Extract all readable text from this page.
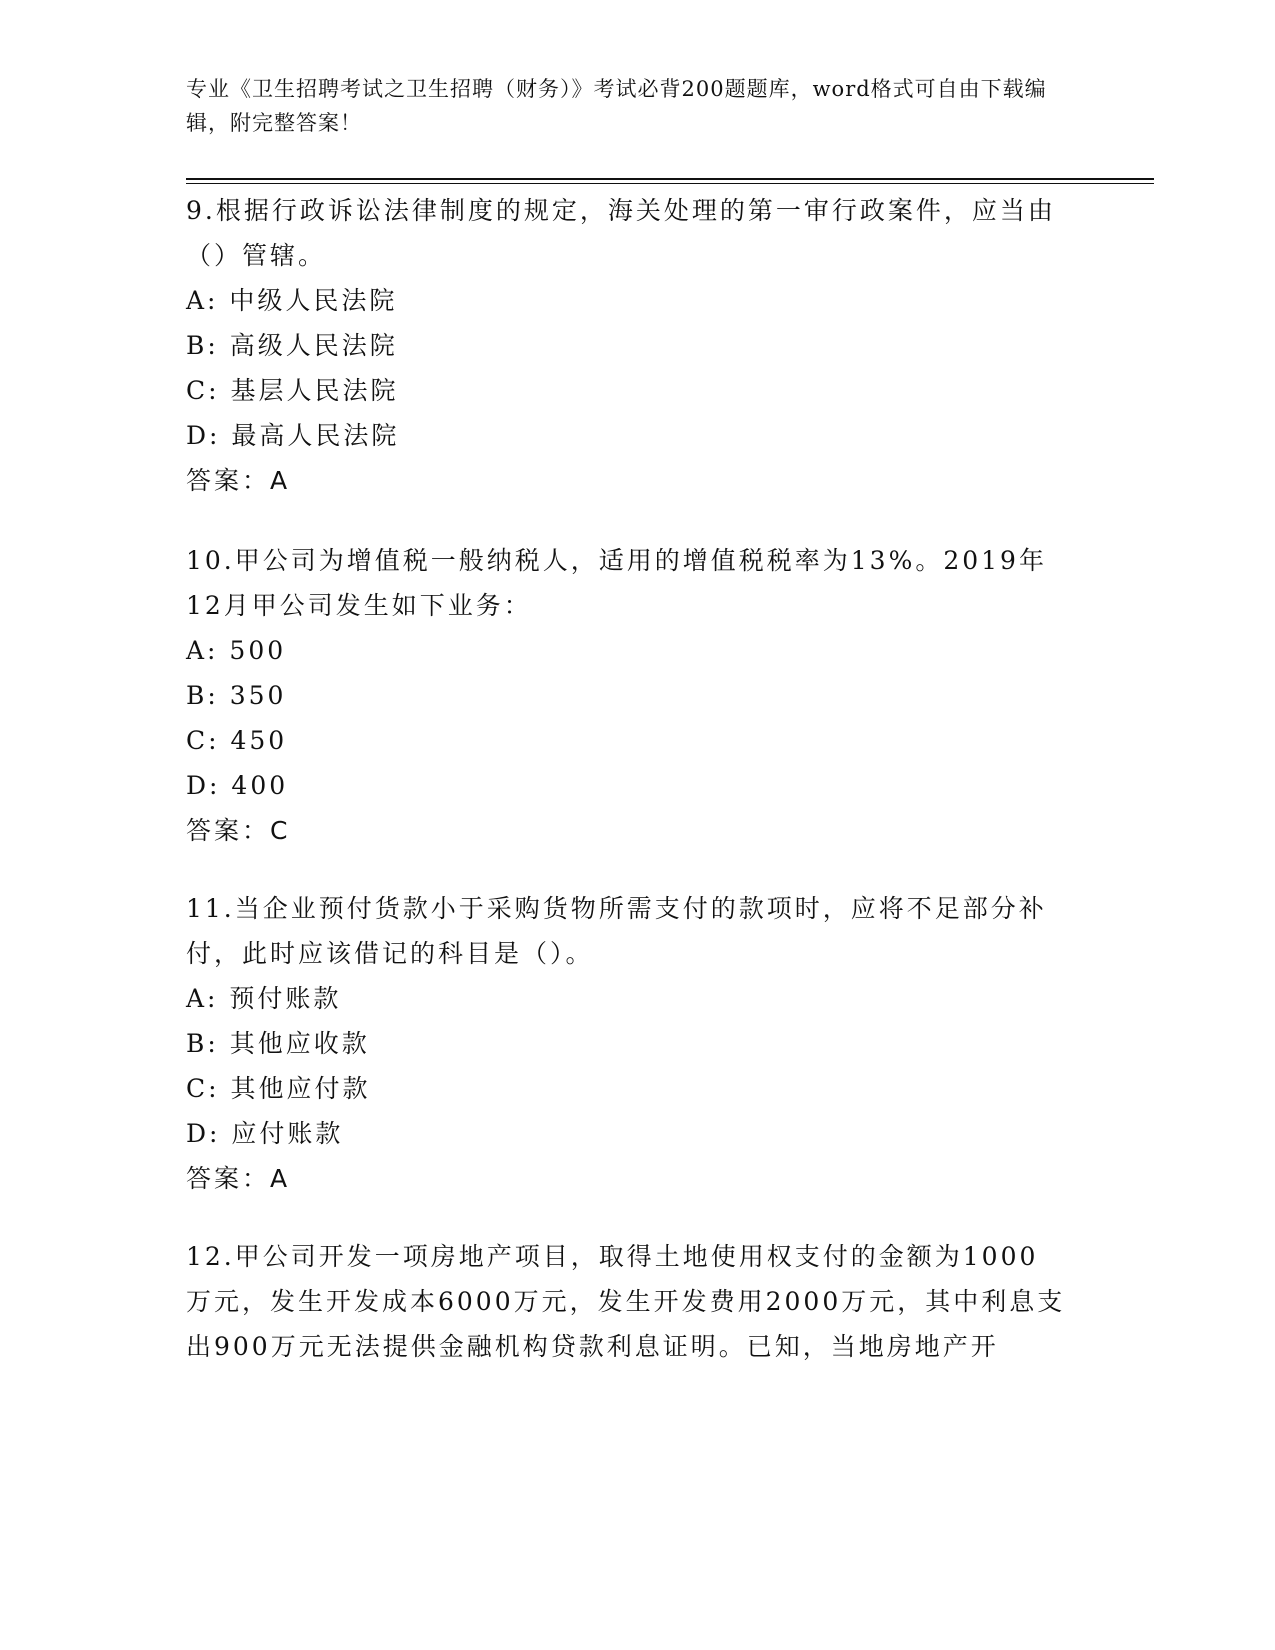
专业《卫生招聘考试之卫生招聘（财务）》考试必背200题题库，word格式可自由下载编辑，附完整答案！

9.根据行政诉讼法律制度的规定，海关处理的第一审行政案件，应当由（）管辖。

A: 中级人民法院

B: 高级人民法院

C: 基层人民法院

D: 最高人民法院

答案：A

10.甲公司为增值税一般纳税人，适用的增值税税率为13%。2019年12月甲公司发生如下业务：

A: 500

B: 350

C: 450

D: 400

答案：C

11.当企业预付货款小于采购货物所需支付的款项时，应将不足部分补付，此时应该借记的科目是（）。

A: 预付账款

B: 其他应收款

C: 其他应付款

D: 应付账款

答案：A

12.甲公司开发一项房地产项目，取得土地使用权支付的金额为1000万元，发生开发成本6000万元，发生开发费用2000万元，其中利息支出900万元无法提供金融机构贷款利息证明。已知，当地房地产开
